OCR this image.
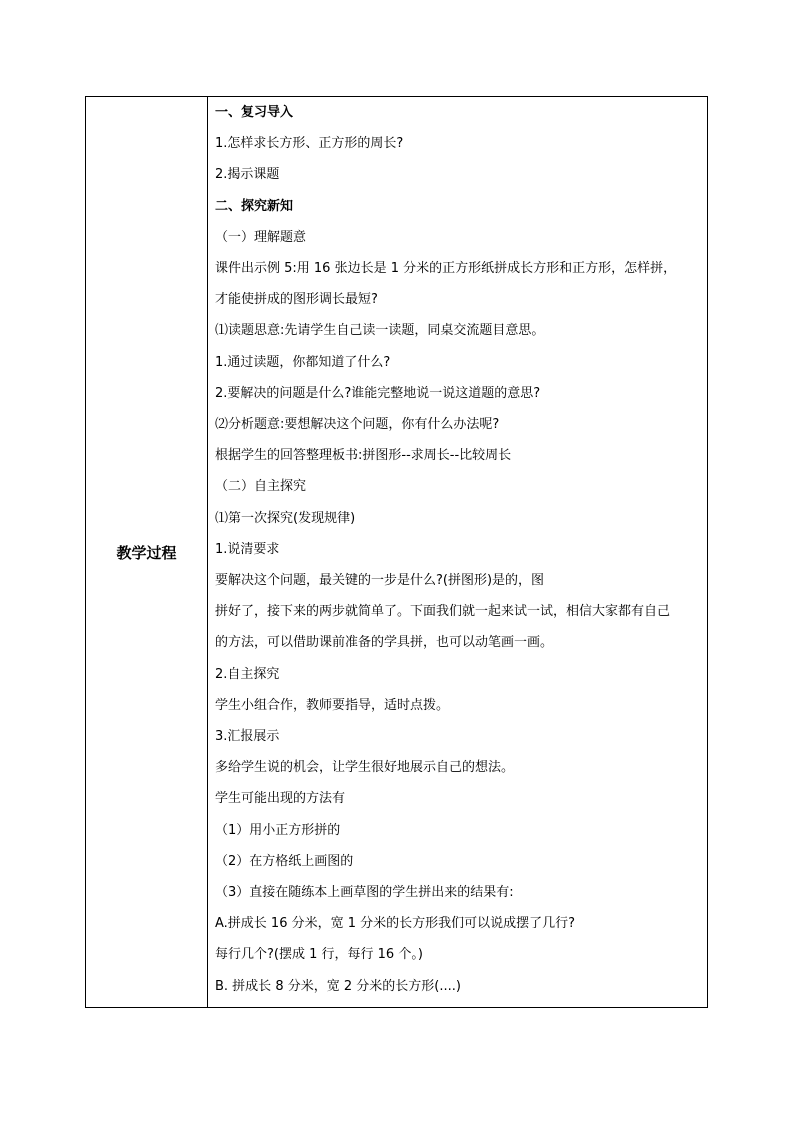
教学过程
一、复习导入
1.怎样求长方形、正方形的周长?
2.揭示课题
二、探究新知
（一）理解题意
课件出示例 5:用 16 张边长是 1 分米的正方形纸拼成长方形和正方形，怎样拼，
才能使拼成的图形调长最短?
⑴读题思意:先请学生自己读一读题，同桌交流题目意思。
1.通过读题，你都知道了什么?
2.要解决的问题是什么?谁能完整地说一说这道题的意思?
⑵分析题意:要想解决这个问题，你有什么办法呢?
根据学生的回答整理板书:拼图形--求周长--比较周长
（二）自主探究
⑴第一次探究(发现规律)
1.说清要求
要解决这个问题，最关键的一步是什么?(拼图形)是的，图
拼好了，接下来的两步就简单了。下面我们就一起来试一试，相信大家都有自己
的方法，可以借助课前准备的学具拼，也可以动笔画一画。
2.自主探究
学生小组合作，教师要指导，适时点拨。
3.汇报展示
多给学生说的机会，让学生很好地展示自己的想法。
学生可能出现的方法有
（1）用小正方形拼的
（2）在方格纸上画图的
（3）直接在随练本上画草图的学生拼出来的结果有:
A.拼成长 16 分米，宽 1 分米的长方形我们可以说成摆了几行?
每行几个?(摆成 1 行，每行 16 个。)
B. 拼成长 8 分米，宽 2 分米的长方形(....)
